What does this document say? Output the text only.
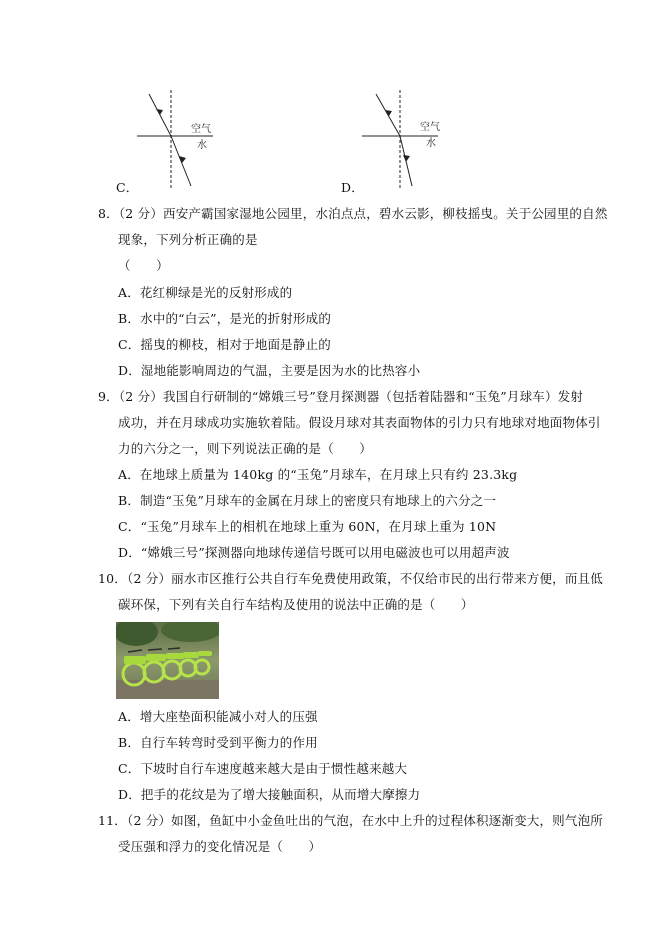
空气
水
C．
空气
水
D．
8．（2 分）西安产霸国家湿地公园里，水泊点点，碧水云影，柳枝摇曳。关于公园里的自然
现象，下列分析正确的是
（　　）
A．花红柳绿是光的反射形成的
B．水中的“白云”，是光的折射形成的
C．摇曳的柳枝，相对于地面是静止的
D．湿地能影响周边的气温，主要是因为水的比热容小
9．（2 分）我国自行研制的“嫦娥三号”登月探测器（包括着陆器和“玉兔”月球车）发射
成功，并在月球成功实施软着陆。假设月球对其表面物体的引力只有地球对地面物体引
力的六分之一，则下列说法正确的是（　　）
A．在地球上质量为 140kg 的“玉兔”月球车，在月球上只有约 23.3kg
B．制造“玉兔”月球车的金属在月球上的密度只有地球上的六分之一
C．“玉兔”月球车上的相机在地球上重为 60N，在月球上重为 10N
D．“嫦娥三号”探测器向地球传递信号既可以用电磁波也可以用超声波
10．（2 分）丽水市区推行公共自行车免费使用政策，不仅给市民的出行带来方便，而且低
碳环保，下列有关自行车结构及使用的说法中正确的是（　　）
A．增大座垫面积能减小对人的压强
B．自行车转弯时受到平衡力的作用
C．下坡时自行车速度越来越大是由于惯性越来越大
D．把手的花纹是为了增大接触面积，从而增大摩擦力
11．（2 分）如图，鱼缸中小金鱼吐出的气泡，在水中上升的过程体积逐渐变大，则气泡所
受压强和浮力的变化情况是（　　）
